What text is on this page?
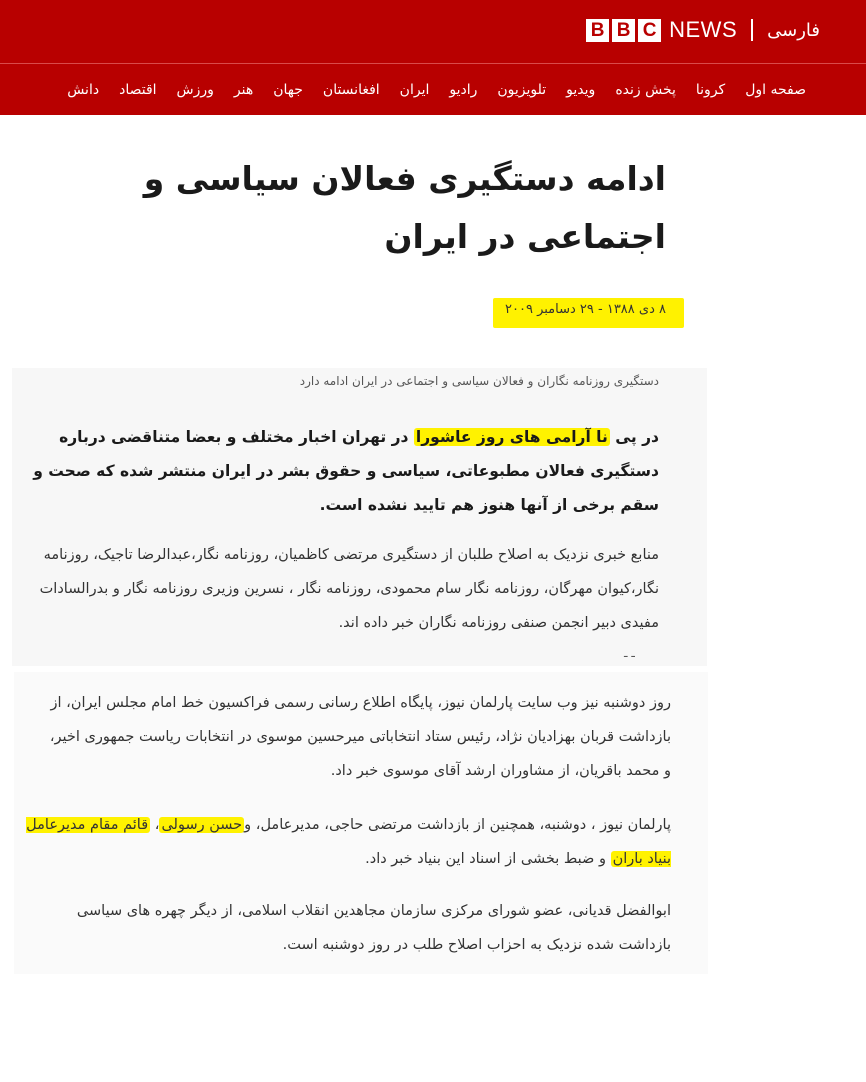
B B C NEWS فارسی
صفحه اول
کرونا
پخش زنده
ویدیو
تلویزیون
رادیو
ایران
افغانستان
جهان
هنر
ورزش
اقتصاد
دانش
ادامه دستگیری فعالان سیاسی و اجتماعی در ایران
۸ دی ۱۳۸۸ - ۲۹ دسامبر ۲۰۰۹
دستگیری روزنامه نگاران و فعالان سیاسی و اجتماعی در ایران ادامه دارد

در پی نا آرامی های روز عاشورا در تهران اخبار مختلف و بعضا متناقضی درباره دستگیری فعالان مطبوعاتی، سیاسی و حقوق بشر در ایران منتشر شده که صحت و سقم برخی از آنها هنوز هم تایید نشده است.

منابع خبری نزدیک به اصلاح طلبان از دستگیری مرتضی کاظمیان، روزنامه نگار،عبدالرضا تاجیک، روزنامه نگار،کیوان مهرگان، روزنامه نگار سام محمودی، روزنامه نگار ، نسرین وزیری روزنامه نگار و بدرالسادات مفیدی دبیر انجمن صنفی روزنامه نگاران خبر داده اند.

ـ ـ

روز دوشنبه نیز وب سایت پارلمان نیوز، پایگاه اطلاع رسانی رسمی فراکسیون خط امام مجلس ایران، از بازداشت قربان بهزادیان نژاد، رئیس ستاد انتخاباتی میرحسین موسوی در انتخابات ریاست جمهوری اخیر، و محمد باقریان، از مشاوران ارشد آقای موسوی خبر داد.

پارلمان نیوز ، دوشنبه، همچنین از بازداشت مرتضی حاجی، مدیرعامل، وحسن رسولی، قائم مقام مدیرعامل بنیاد باران و ضبط بخشی از اسناد این بنیاد خبر داد.

ابوالفضل قدیانی، عضو شورای مرکزی سازمان مجاهدین انقلاب اسلامی، از دیگر چهره های سیاسی بازداشت شده نزدیک به احزاب اصلاح طلب در روز دوشنبه است.
